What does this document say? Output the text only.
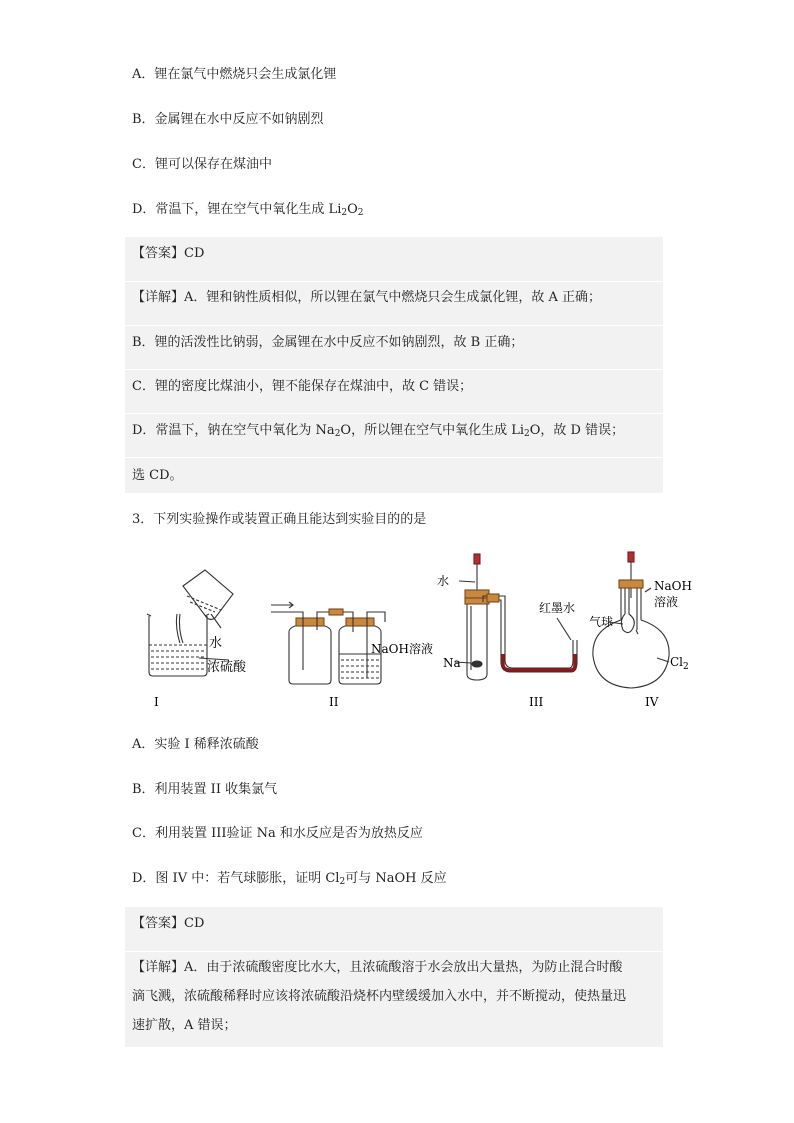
A．锂在氯气中燃烧只会生成氯化锂
B．金属锂在水中反应不如钠剧烈
C．锂可以保存在煤油中
D．常温下，锂在空气中氧化生成 $Li_2O_2$
【答案】CD
【详解】A．锂和钠性质相似，所以锂在氯气中燃烧只会生成氯化锂，故 A 正确；
B．锂的活泼性比钠弱，金属锂在水中反应不如钠剧烈，故 B 正确；
C．锂的密度比煤油小，锂不能保存在煤油中，故 C 错误；
D．常温下，钠在空气中氧化为 $Na_2O$，所以锂在空气中氧化生成 $Li_2O$，故 D 错误；
选 CD。
3．下列实验操作或装置正确且能达到实验目的的是
水
浓硫酸
I
NaOH溶液
II
水
红墨水
Na
III
NaOH
溶液
气球
$Cl_2$
IV
A．实验 I 稀释浓硫酸
B．利用装置 II 收集氯气
C．利用装置 III验证 Na 和水反应是否为放热反应
D．图 IV 中：若气球膨胀，证明 $Cl_2$可与 NaOH 反应
【答案】CD
【详解】A．由于浓硫酸密度比水大，且浓硫酸溶于水会放出大量热，为防止混合时酸
滴飞溅，浓硫酸稀释时应该将浓硫酸沿烧杯内壁缓缓加入水中，并不断搅动，使热量迅
速扩散，A 错误；
